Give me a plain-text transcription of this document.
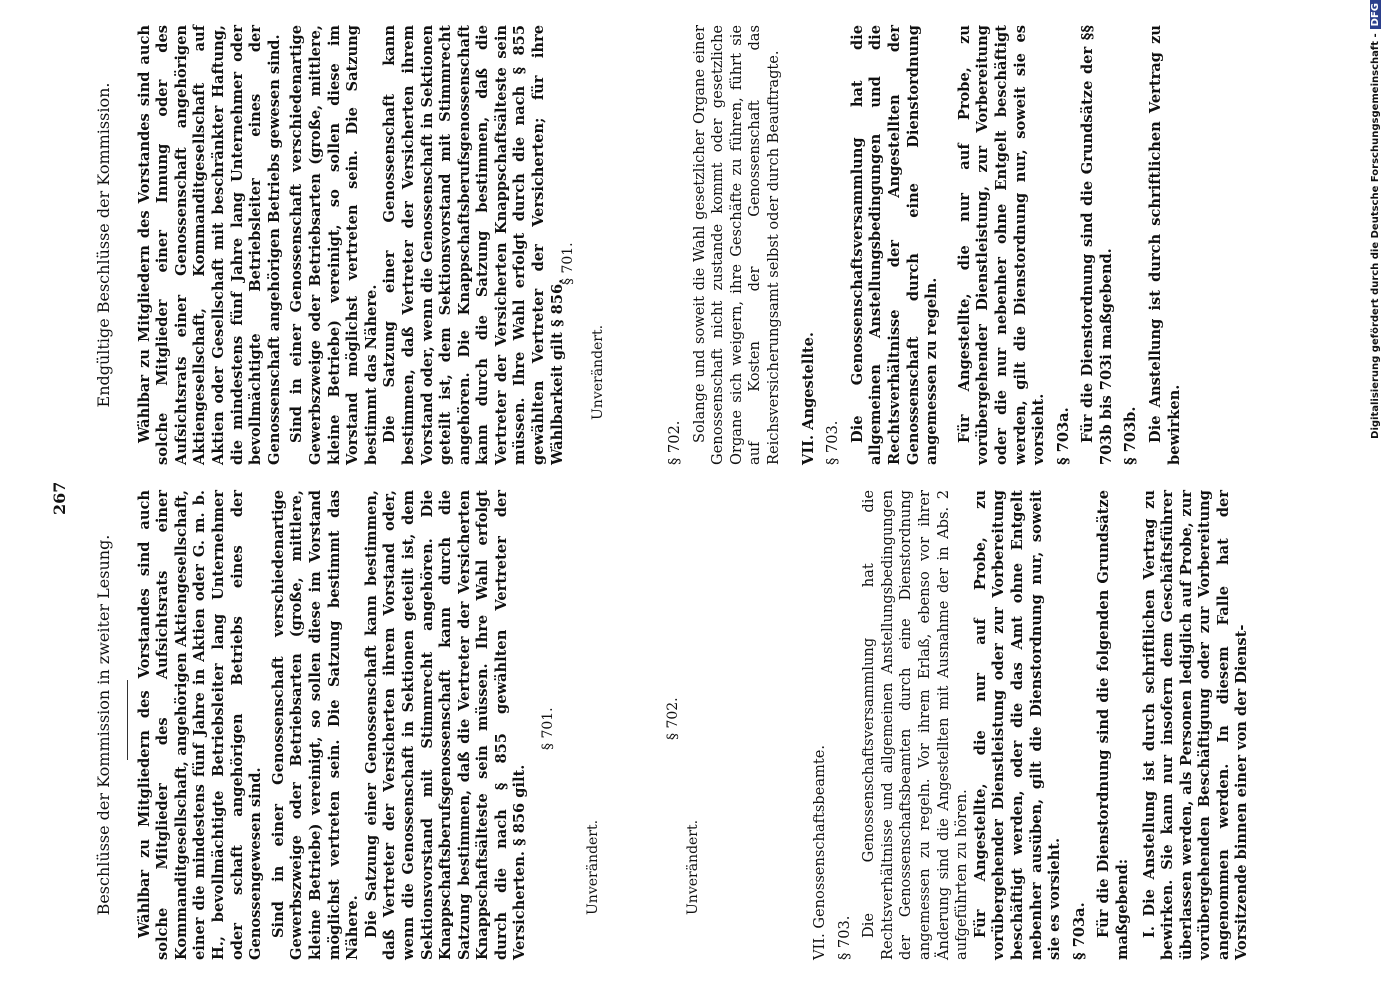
267
Beschlüsse der Kommission in zweiter Lesung. Wählbar zu Mitgliedern des Vorstandes sind auch solche Mitglieder des Aufsichtsrats einer Kommanditgesellschaft, angehörigen Aktiengesellschaft, einer die mindestens fünf Jahre in Aktien oder G. m. b. H., bevollmächtigte Betriebsleiter lang Unternehmer oder schaft angehörigen Betriebs eines der Genossengewesen sind. Sind in einer Genossenschaft verschiedenartige Gewerbszweige oder Betriebsarten (große, mittlere, kleine Betriebe) vereinigt, so sollen diese im Vorstand möglichst vertreten sein. Die Satzung bestimmt das Nähere. Die Satzung einer Genossenschaft kann bestimmen, daß Vertreter der Versicherten ihrem Vorstand oder, wenn die Genossenschaft in Sektionen geteilt ist, dem Sektionsvorstand mit Stimmrecht angehören. Die Knappschaftsberufsgenossenschaft kann durch die Satzung bestimmen, daß die Vertreter der Versicherten Knappschaftsälteste sein müssen. Ihre Wahl erfolgt durch die nach § 855 gewählten Vertreter der Versicherten. § 856 gilt.

§ 701.
Unverändert.
§ 702.
Unverändert.	VII. Genossenschaftsbeamte. § 703. Die Genossenschaftsversammlung hat die Rechtsverhältnisse und allgemeinen Anstellungsbedingungen der Genossenschaftsbeamten durch eine Dienstordnung angemessen zu regeln. Vor ihrem Erlaß, ebenso vor ihrer Änderung sind die Angestellten mit Ausnahme der in Abs. 2 aufgeführten zu hören. Für Angestellte, die nur auf Probe, zu vorübergehender Dienstleistung oder zur Vorbereitung beschäftigt werden, oder die das Amt ohne Entgelt nebenher ausüben, gilt die Dienstordnung nur, soweit sie es vorsieht. § 703a. Für die Dienstordnung sind die folgenden Grundsätze maßgebend: I. Die Anstellung ist durch schriftlichen Vertrag zu bewirken. Sie kann nur insofern dem Geschäftsführer überlassen werden, als Personen lediglich auf Probe, zur vorübergehenden Beschäftigung oder zur Vorbereitung angenommen werden. In diesem Falle hat der Vorsitzende binnen einer von der Dienst-

Endgültige Beschlüsse der Kommission. Wählbar zu Mitgliedern des Vorstandes sind auch solche Mitglieder einer Innung oder des Aufsichtsrats einer Genossenschaft angehörigen Aktiengesellschaft, Kommanditgesellschaft auf Aktien oder Gesellschaft mit beschränkter Haftung, die mindestens fünf Jahre lang Unternehmer oder bevollmächtigte Betriebsleiter eines der Genossenschaft angehörigen Betriebs gewesen sind. Sind in einer Genossenschaft verschiedenartige Gewerbszweige oder Betriebsarten (große, mittlere, kleine Betriebe) vereinigt, so sollen diese im Vorstand möglichst vertreten sein. Die Satzung bestimmt das Nähere. Die Satzung einer Genossenschaft kann bestimmen, daß Vertreter der Versicherten ihrem Vorstand oder, wenn die Genossenschaft in Sektionen geteilt ist, dem Sektionsvorstand mit Stimmrecht angehören. Die Knappschaftsberufsgenossenschaft kann durch die Satzung bestimmen, daß die Vertreter der Versicherten Knappschaftsälteste sein müssen. Ihre Wahl erfolgt durch die nach § 855 gewählten Vertreter der Versicherten; für ihre Wählbarkeit gilt § 856.

§ 701.
Unverändert.

§ 702. Solange und soweit die Wahl gesetzlicher Organe einer Genossenschaft nicht zustande kommt oder gesetzliche Organe sich weigern, ihre Geschäfte zu führen, führt sie auf Kosten der Genossenschaft das Reichsversicherungsamt selbst oder durch Beauftragte. VII. Angestellte. § 703. Die Genossenschaftsversammlung hat die allgemeinen Anstellungsbedingungen und die Rechtsverhältnisse der Angestellten der Genossenschaft durch eine Dienstordnung angemessen zu regeln. Für Angestellte, die nur auf Probe, zu vorübergehender Dienstleistung, zur Vorbereitung oder die nur nebenher ohne Entgelt beschäftigt werden, gilt die Dienstordnung nur, soweit sie es vorsieht. § 703a. Für die Dienstordnung sind die Grundsätze der §§ 703b bis 703i maßgebend. § 703b. Die Anstellung ist durch schriftlichen Vertrag zu bewirken.	Digitalisierung gefördert durch die Deutsche Forschungsgemeinschaft -DFG
